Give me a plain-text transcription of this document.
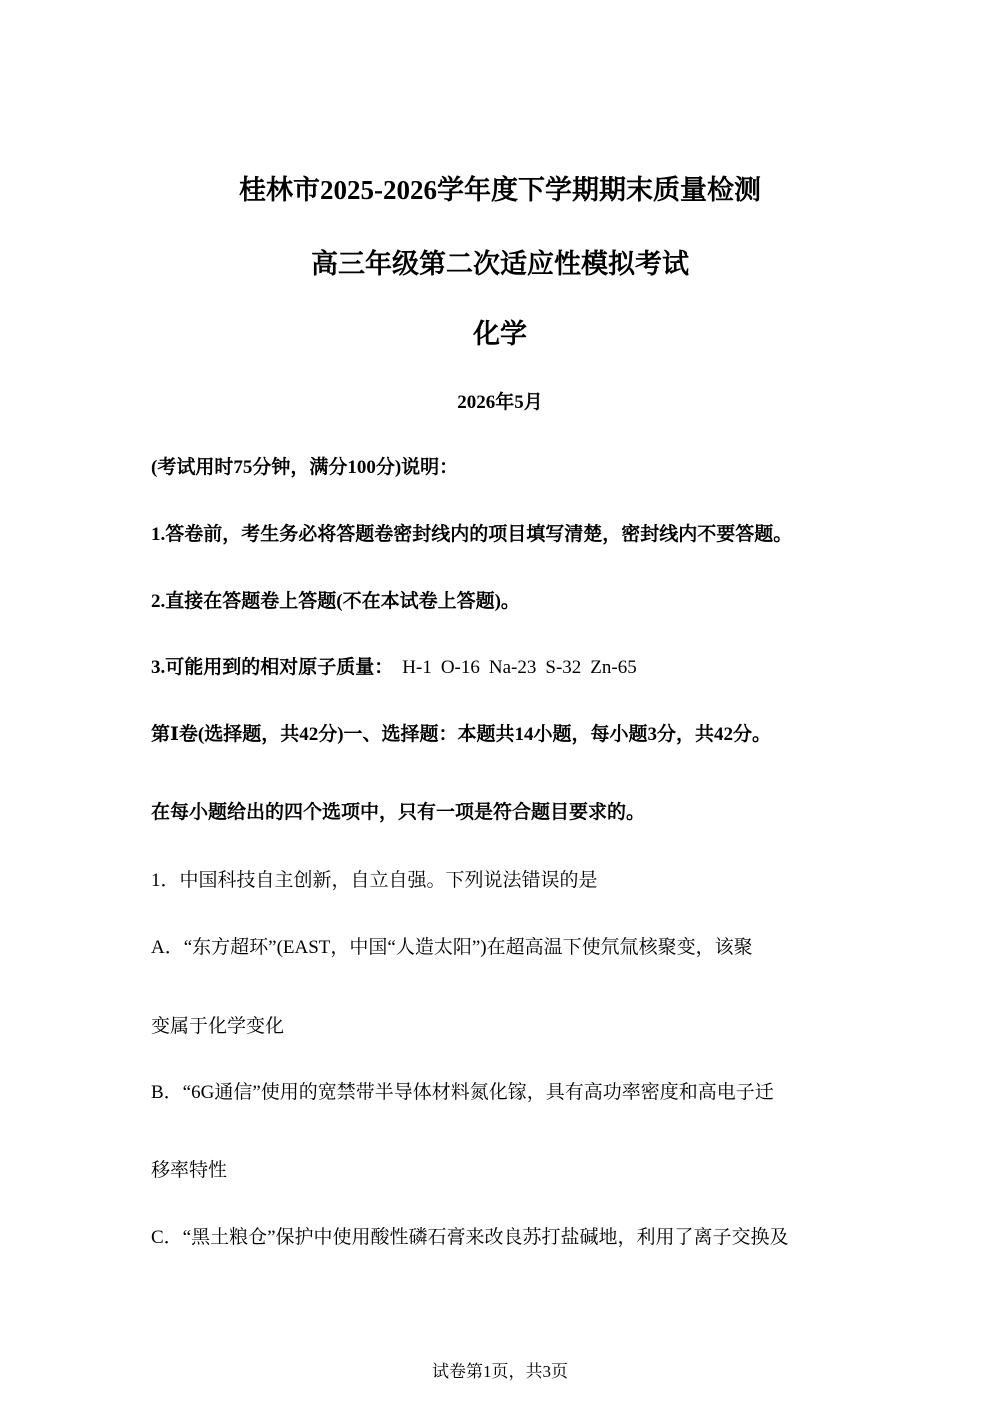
桂林市2025-2026学年度下学期期末质量检测
高三年级第二次适应性模拟考试
化学
2026年5月
(考试用时75分钟，满分100分)说明：
1.答卷前，考生务必将答题卷密封线内的项目填写清楚，密封线内不要答题。
2.直接在答题卷上答题(不在本试卷上答题)。
3.可能用到的相对原子质量： H-1 O-16 Na-23 S-32 Zn-65
第Ⅰ卷(选择题，共42分)一、选择题：本题共14小题，每小题3分，共42分。
在每小题给出的四个选项中，只有一项是符合题目要求的。
1．中国科技自主创新，自立自强。下列说法错误的是
A．“东方超环”(EAST，中国“人造太阳”)在超高温下使氘氚核聚变，该聚
变属于化学变化
B．“6G通信”使用的宽禁带半导体材料氮化镓，具有高功率密度和高电子迁
移率特性
C．“黑土粮仓”保护中使用酸性磷石膏来改良苏打盐碱地，利用了离子交换及
试卷第1页，共3页
